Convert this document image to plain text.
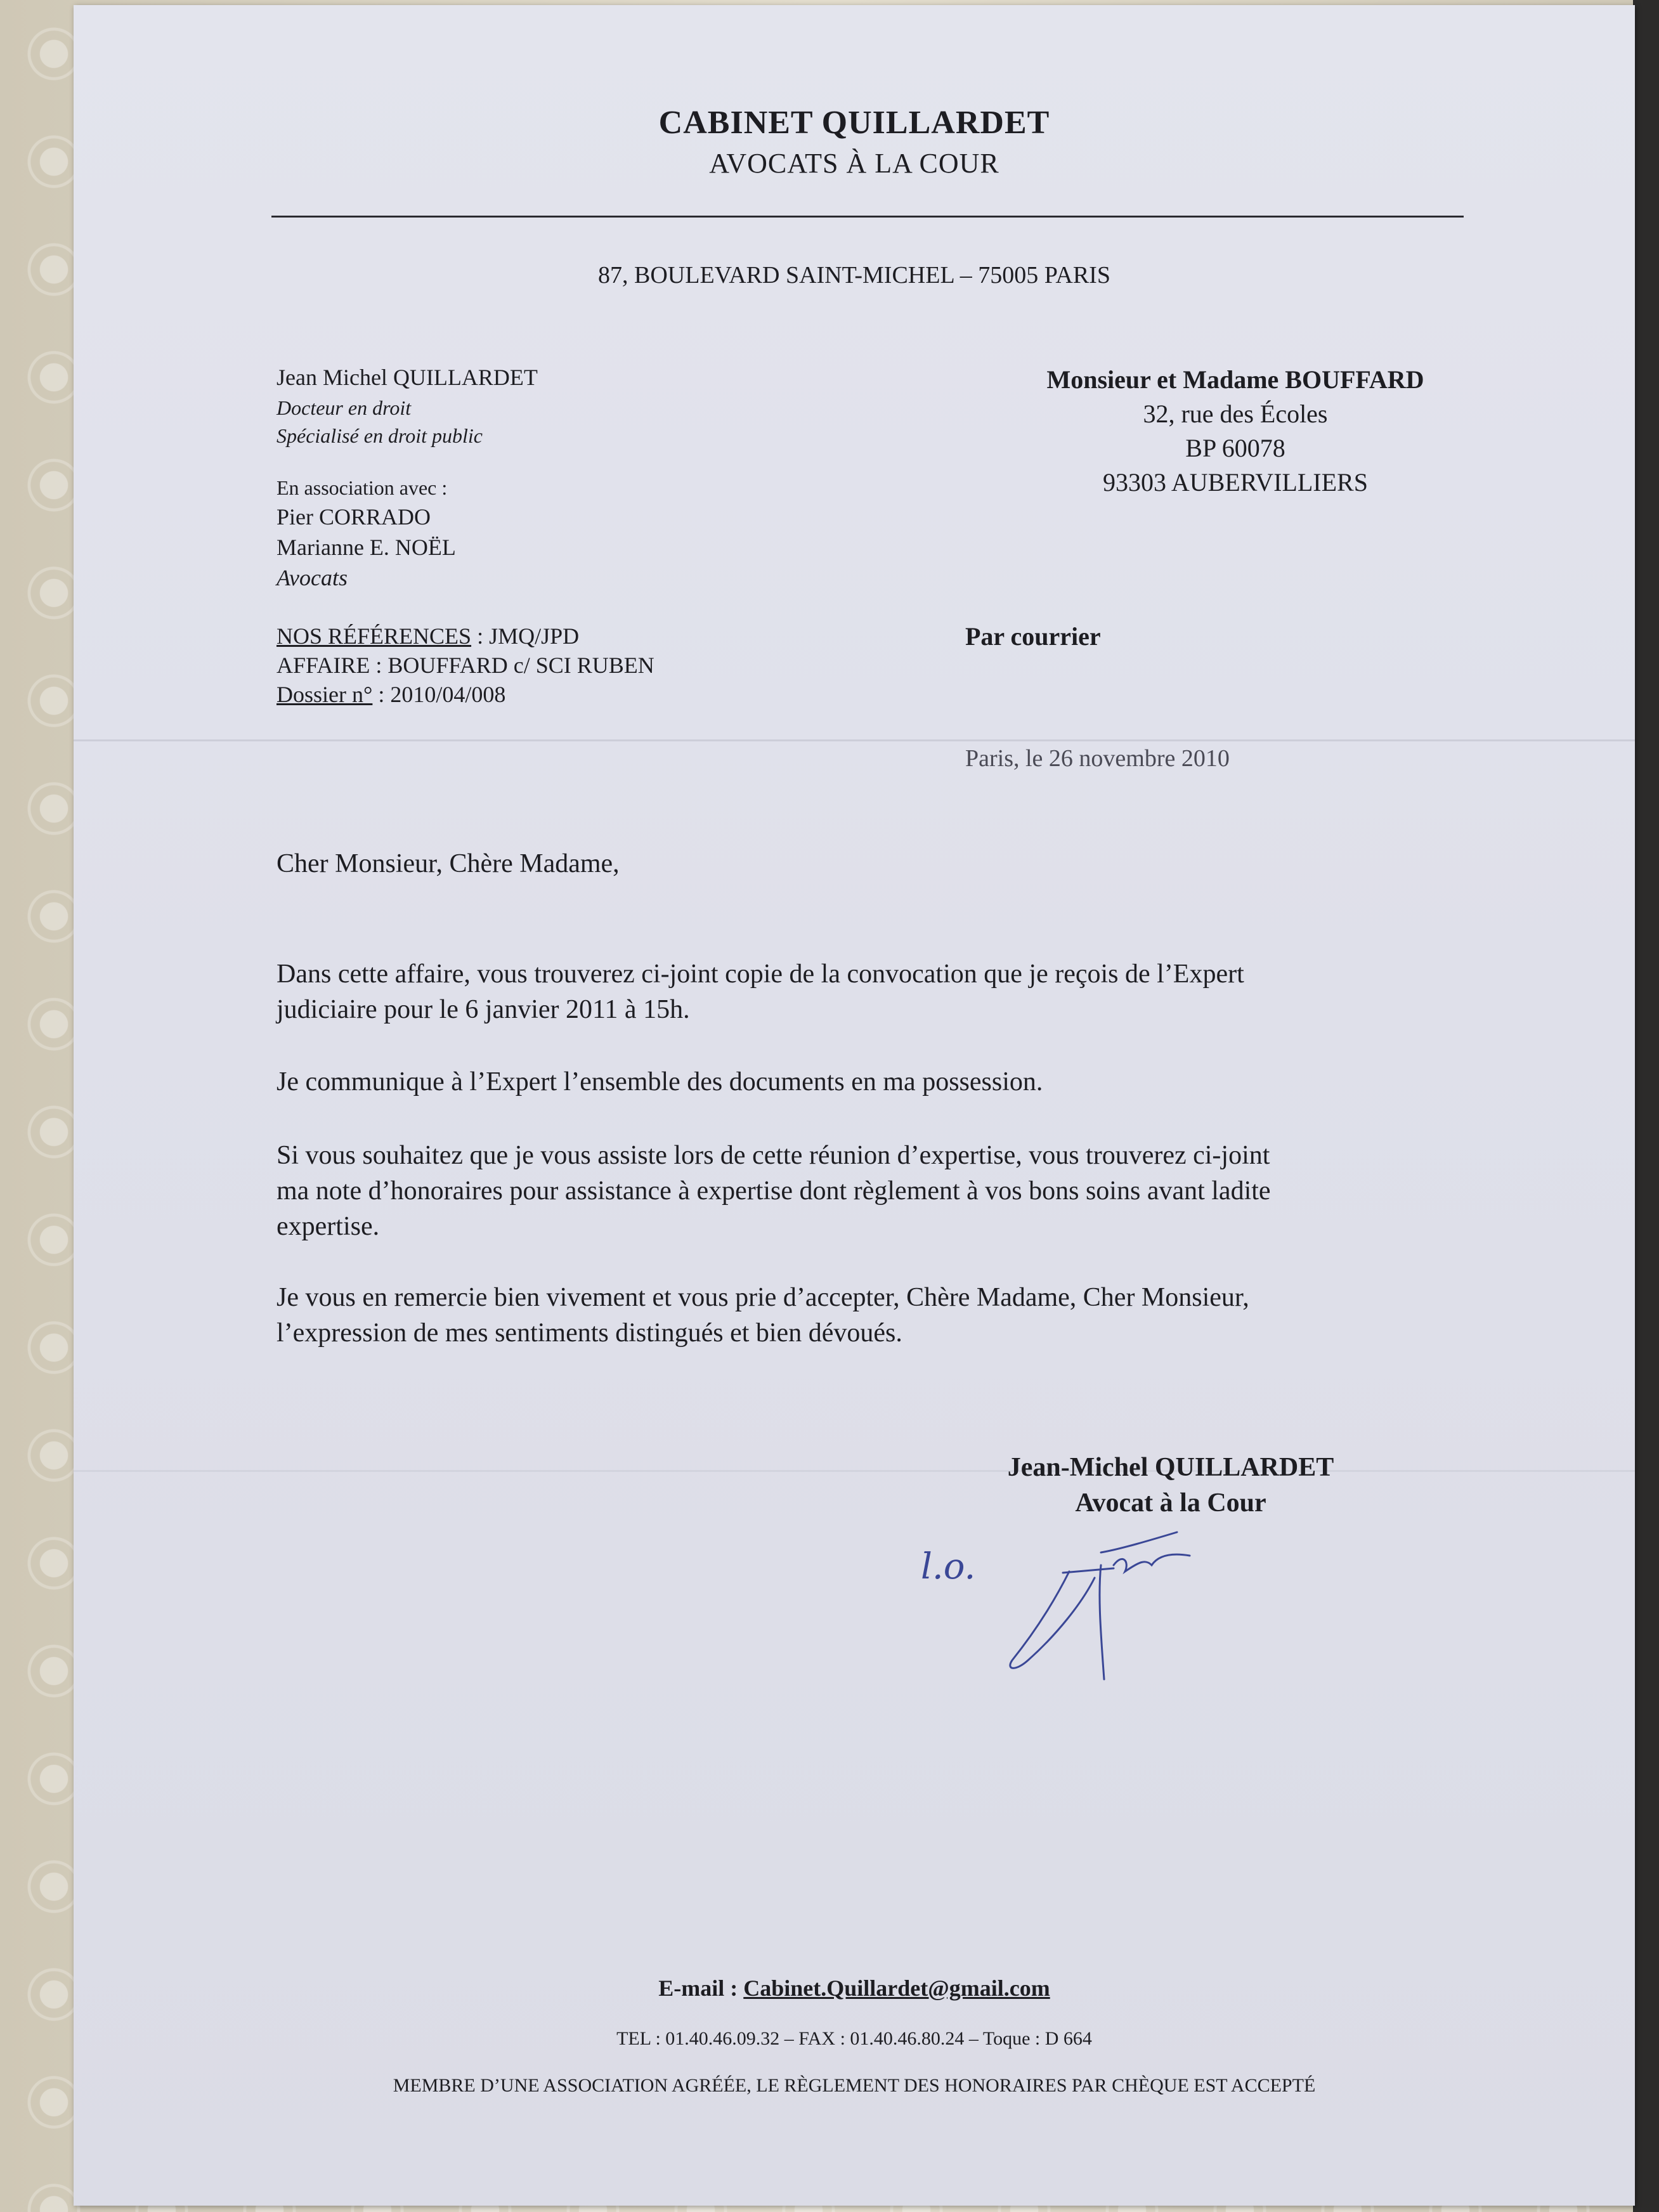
CABINET QUILLARDET
AVOCATS À LA COUR
87, BOULEVARD SAINT-MICHEL – 75005 PARIS
Jean Michel QUILLARDET
Docteur en droit
Spécialisé en droit public
En association avec :
Pier CORRADO
Marianne E. NOËL
Avocats
NOS RÉFÉRENCES : JMQ/JPD
AFFAIRE : BOUFFARD c/ SCI RUBEN
Dossier n° : 2010/04/008
Monsieur et Madame BOUFFARD
32, rue des Écoles
BP 60078
93303 AUBERVILLIERS
Par courrier
Paris, le 26 novembre 2010
Cher Monsieur, Chère Madame,
Dans cette affaire, vous trouverez ci-joint copie de la convocation que je reçois de l’Expert
judiciaire pour le 6 janvier 2011 à 15h.
Je communique à l’Expert l’ensemble des documents en ma possession.
Si vous souhaitez que je vous assiste lors de cette réunion d’expertise, vous trouverez ci-joint
ma note d’honoraires pour assistance à expertise dont règlement à vos bons soins avant ladite
expertise.
Je vous en remercie bien vivement et vous prie d’accepter, Chère Madame, Cher Monsieur,
l’expression de mes sentiments distingués et bien dévoués.
Jean-Michel QUILLARDET
Avocat à la Cour
l.o.
E-mail : Cabinet.Quillardet@gmail.com
TEL : 01.40.46.09.32 – FAX : 01.40.46.80.24 – Toque : D 664
MEMBRE D’UNE ASSOCIATION AGRÉÉE, LE RÈGLEMENT DES HONORAIRES PAR CHÈQUE EST ACCEPTÉ
